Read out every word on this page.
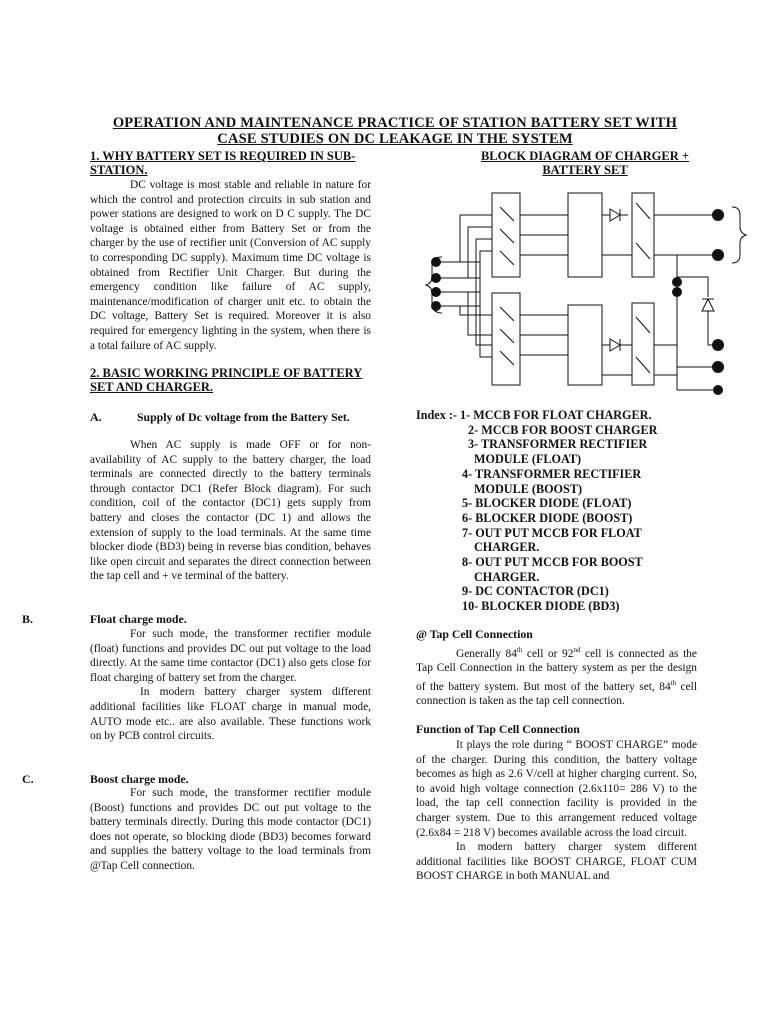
OPERATION AND MAINTENANCE PRACTICE OF STATION BATTERY SET WITH
CASE STUDIES ON DC LEAKAGE IN THE SYSTEM
1. WHY BATTERY SET IS REQUIRED IN SUB-
STATION.
DC voltage is most stable and reliable in nature for which the control and protection circuits in sub station and power stations are designed to work on D C supply. The DC voltage is obtained either from Battery Set or from the charger by the use of rectifier unit (Conversion of AC supply to corresponding DC supply). Maximum time DC voltage is obtained from Rectifier Unit Charger. But during the emergency condition like failure of AC supply, maintenance/modification of charger unit etc. to obtain the DC voltage, Battery Set is required. Moreover it is also required for emergency lighting in the system, when there is a total failure of AC supply.
2. BASIC WORKING PRINCIPLE OF BATTERY
SET AND CHARGER.
A.	Supply of Dc voltage from the Battery Set.
When AC supply is made OFF or for non-availability of AC supply to the battery charger, the load terminals are connected directly to the battery terminals through contactor DC1 (Refer Block diagram). For such condition, coil of the contactor (DC1) gets supply from battery and closes the contactor (DC 1) and allows the extension of supply to the load terminals. At the same time blocker diode (BD3) being in reverse bias condition, behaves like open circuit and separates the direct connection between the tap cell and + ve terminal of the battery.
B.	Float charge mode.
For such mode, the transformer rectifier module (float) functions and provides DC out put voltage to the load directly. At the same time contactor (DC1) also gets close for float charging of battery set from the charger.
In modern battery charger system different additional facilities like FLOAT charge in manual mode, AUTO mode etc.. are also available. These functions work on by PCB control circuits.
C.	Boost charge mode.
For such mode, the transformer rectifier module (Boost) functions and provides DC out put voltage to the battery terminals directly. During this mode contactor (DC1) does not operate, so blocking diode (BD3) becomes forward and supplies the battery voltage to the load terminals from @Tap Cell connection.
BLOCK DIAGRAM OF CHARGER +
BATTERY SET
Index :- 1- MCCB FOR FLOAT CHARGER.
2- MCCB FOR BOOST CHARGER
3- TRANSFORMER RECTIFIER
MODULE (FLOAT)
4- TRANSFORMER RECTIFIER
MODULE (BOOST)
5- BLOCKER DIODE (FLOAT)
6- BLOCKER DIODE (BOOST)
7- OUT PUT MCCB FOR FLOAT
CHARGER.
8- OUT PUT MCCB FOR BOOST
CHARGER.
9- DC CONTACTOR (DC1)
10- BLOCKER DIODE (BD3)
@ Tap Cell Connection
Generally 84th cell or 92nd cell is connected as the Tap Cell Connection in the battery system as per the design of the battery system. But most of the battery set, 84th cell connection is taken as the tap cell connection.
Function of Tap Cell Connection
It plays the role during “ BOOST CHARGE” mode of the charger. During this condition, the battery voltage becomes as high as 2.6 V/cell at higher charging current. So, to avoid high voltage connection (2.6x110= 286 V) to the load, the tap cell connection facility is provided in the charger system. Due to this arrangement reduced voltage (2.6x84 = 218 V) becomes available across the load circuit.
In modern battery charger system different additional facilities like BOOST CHARGE, FLOAT CUM BOOST CHARGE in both MANUAL and
